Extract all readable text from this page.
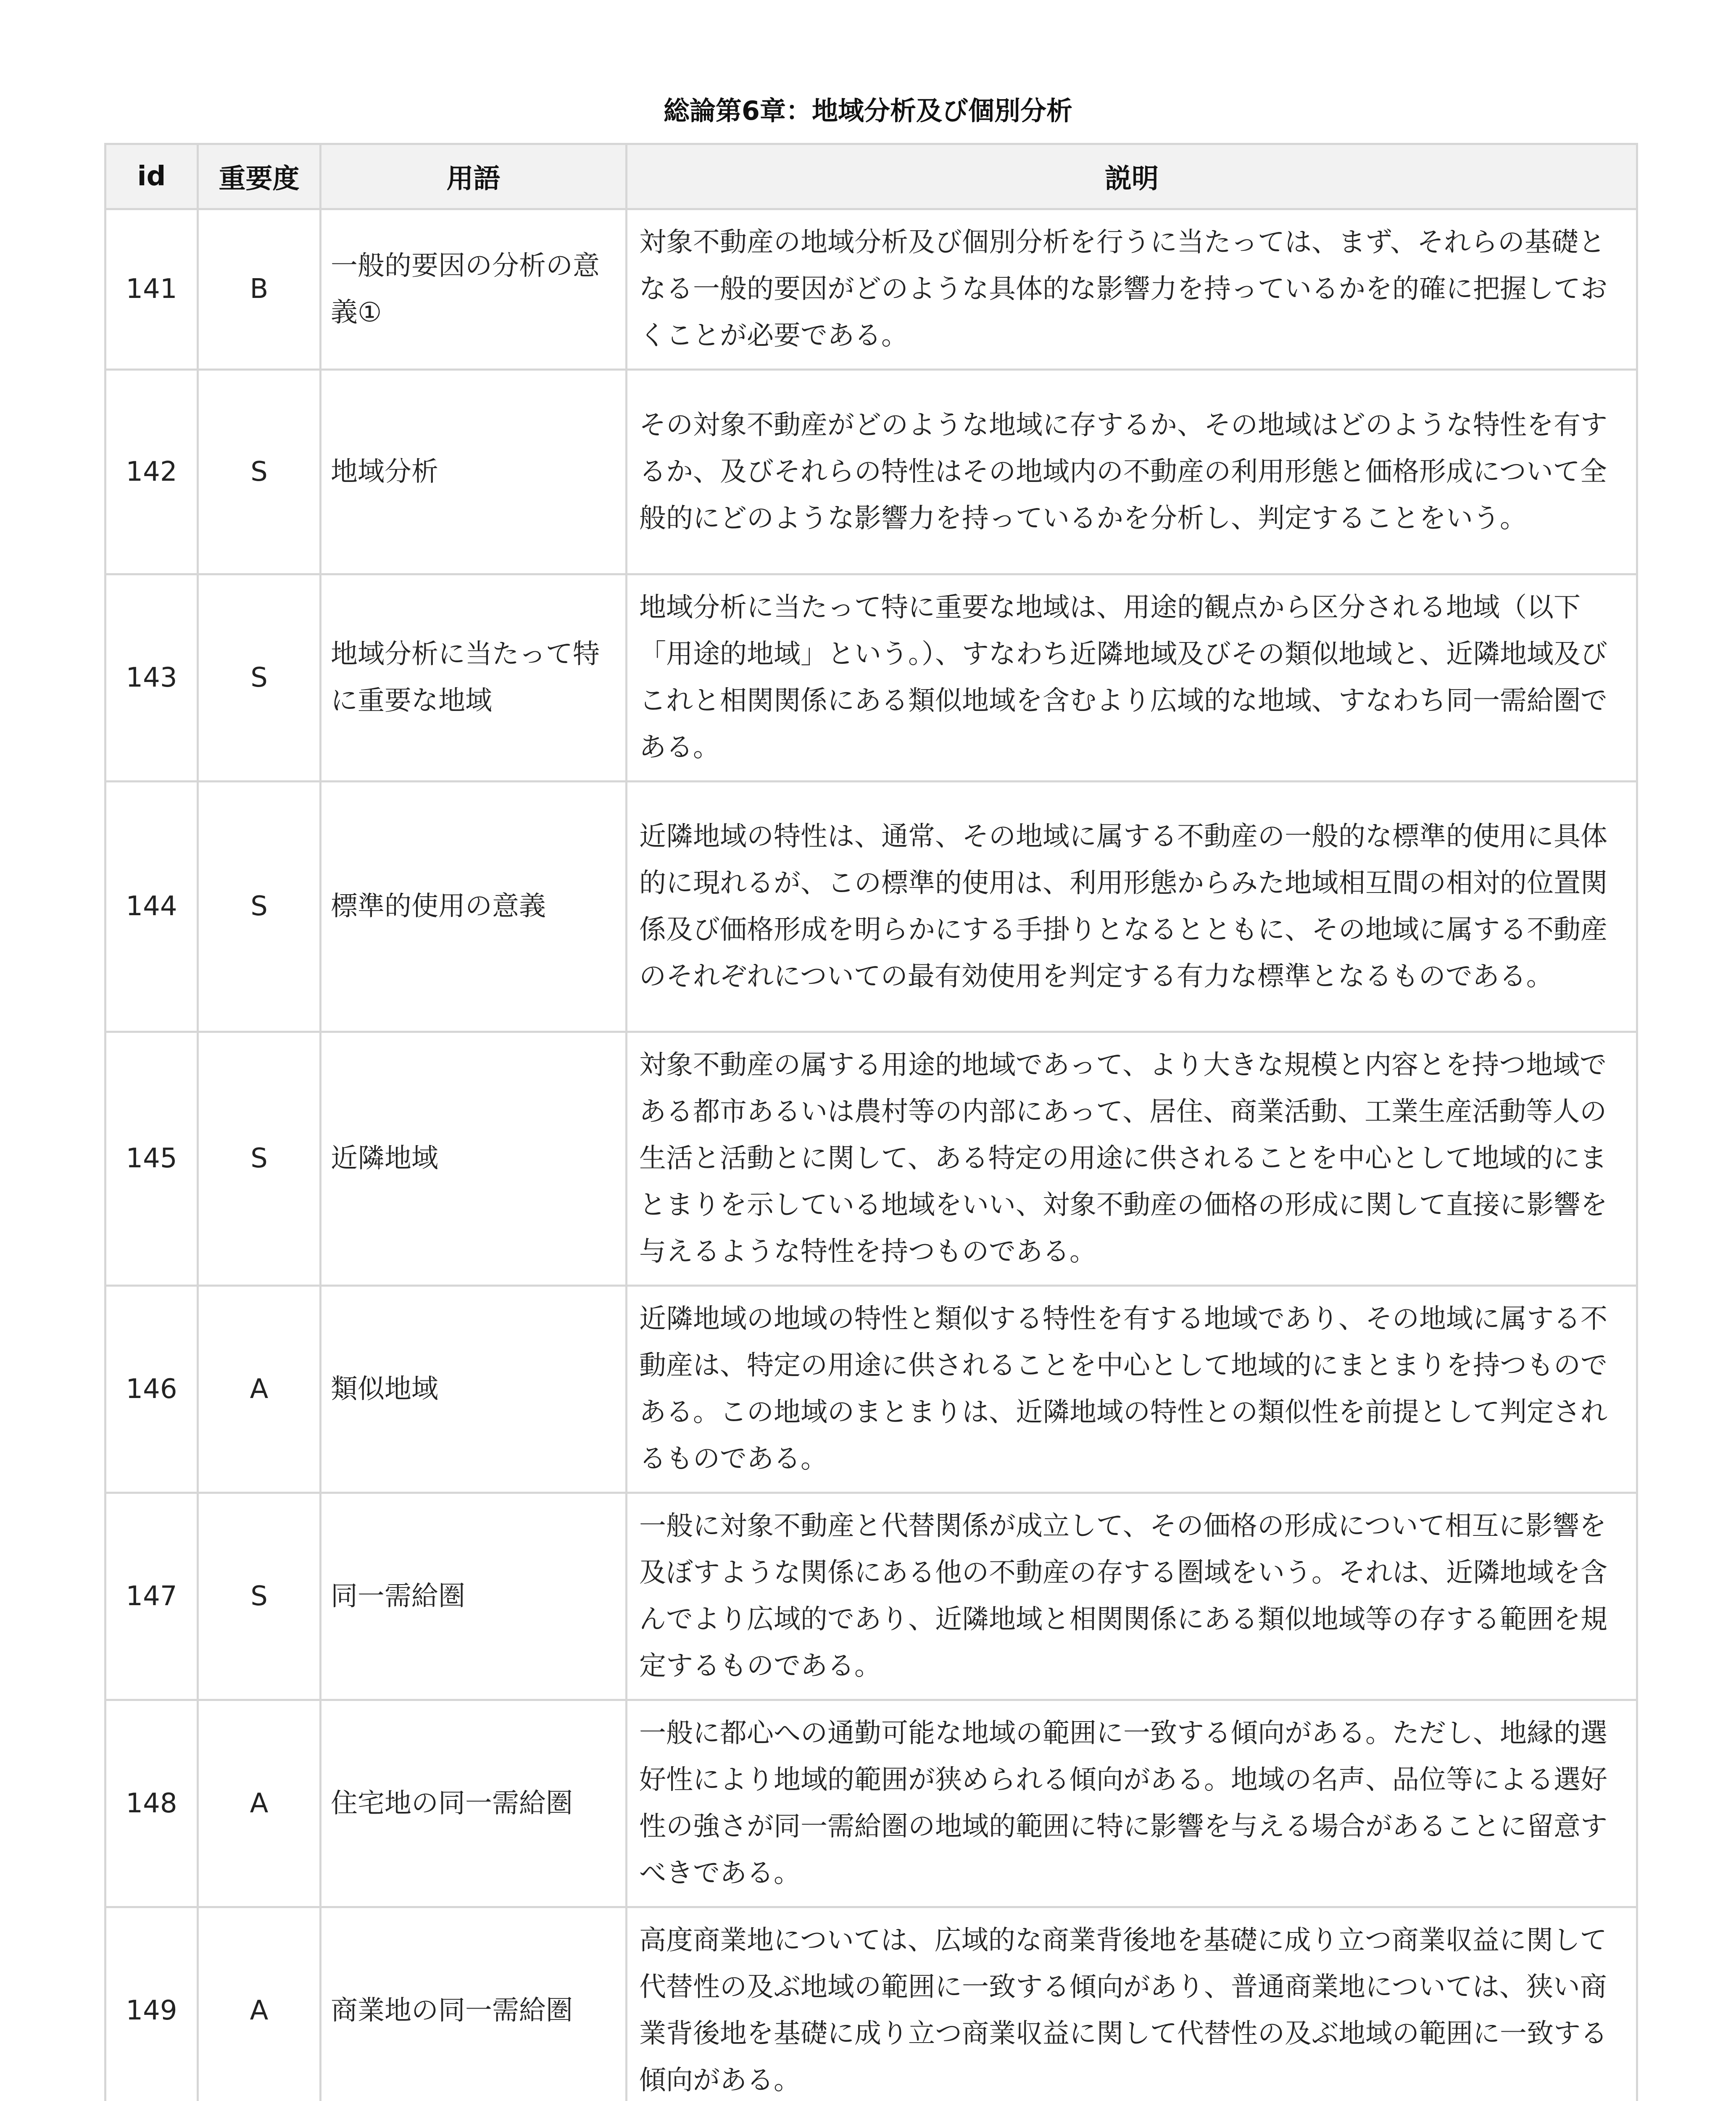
総論第6章：地域分析及び個別分析
id	重要度	用語	説明
141	B	一般的要因の分析の意義①	対象不動産の地域分析及び個別分析を行うに当たっては、まず、それらの基礎となる一般的要因がどのような具体的な影響力を持っているかを的確に把握しておくことが必要である。
142	S	地域分析	その対象不動産がどのような地域に存するか、その地域はどのような特性を有するか、及びそれらの特性はその地域内の不動産の利用形態と価格形成について全般的にどのような影響力を持っているかを分析し、判定することをいう。
143	S	地域分析に当たって特に重要な地域	地域分析に当たって特に重要な地域は、用途的観点から区分される地域（以下「用途的地域」という。）、すなわち近隣地域及びその類似地域と、近隣地域及びこれと相関関係にある類似地域を含むより広域的な地域、すなわち同一需給圏である。
144	S	標準的使用の意義	近隣地域の特性は、通常、その地域に属する不動産の一般的な標準的使用に具体的に現れるが、この標準的使用は、利用形態からみた地域相互間の相対的位置関係及び価格形成を明らかにする手掛りとなるとともに、その地域に属する不動産のそれぞれについての最有効使用を判定する有力な標準となるものである。
145	S	近隣地域	対象不動産の属する用途的地域であって、より大きな規模と内容とを持つ地域である都市あるいは農村等の内部にあって、居住、商業活動、工業生産活動等人の生活と活動とに関して、ある特定の用途に供されることを中心として地域的にまとまりを示している地域をいい、対象不動産の価格の形成に関して直接に影響を与えるような特性を持つものである。
146	A	類似地域	近隣地域の地域の特性と類似する特性を有する地域であり、その地域に属する不動産は、特定の用途に供されることを中心として地域的にまとまりを持つものである。この地域のまとまりは、近隣地域の特性との類似性を前提として判定されるものである。
147	S	同一需給圏	一般に対象不動産と代替関係が成立して、その価格の形成について相互に影響を及ぼすような関係にある他の不動産の存する圏域をいう。それは、近隣地域を含んでより広域的であり、近隣地域と相関関係にある類似地域等の存する範囲を規定するものである。
148	A	住宅地の同一需給圏	一般に都心への通勤可能な地域の範囲に一致する傾向がある。ただし、地縁的選好性により地域的範囲が狭められる傾向がある。地域の名声、品位等による選好性の強さが同一需給圏の地域的範囲に特に影響を与える場合があることに留意すべきである。
149	A	商業地の同一需給圏	高度商業地については、広域的な商業背後地を基礎に成り立つ商業収益に関して代替性の及ぶ地域の範囲に一致する傾向があり、普通商業地については、狭い商業背後地を基礎に成り立つ商業収益に関して代替性の及ぶ地域の範囲に一致する傾向がある。
